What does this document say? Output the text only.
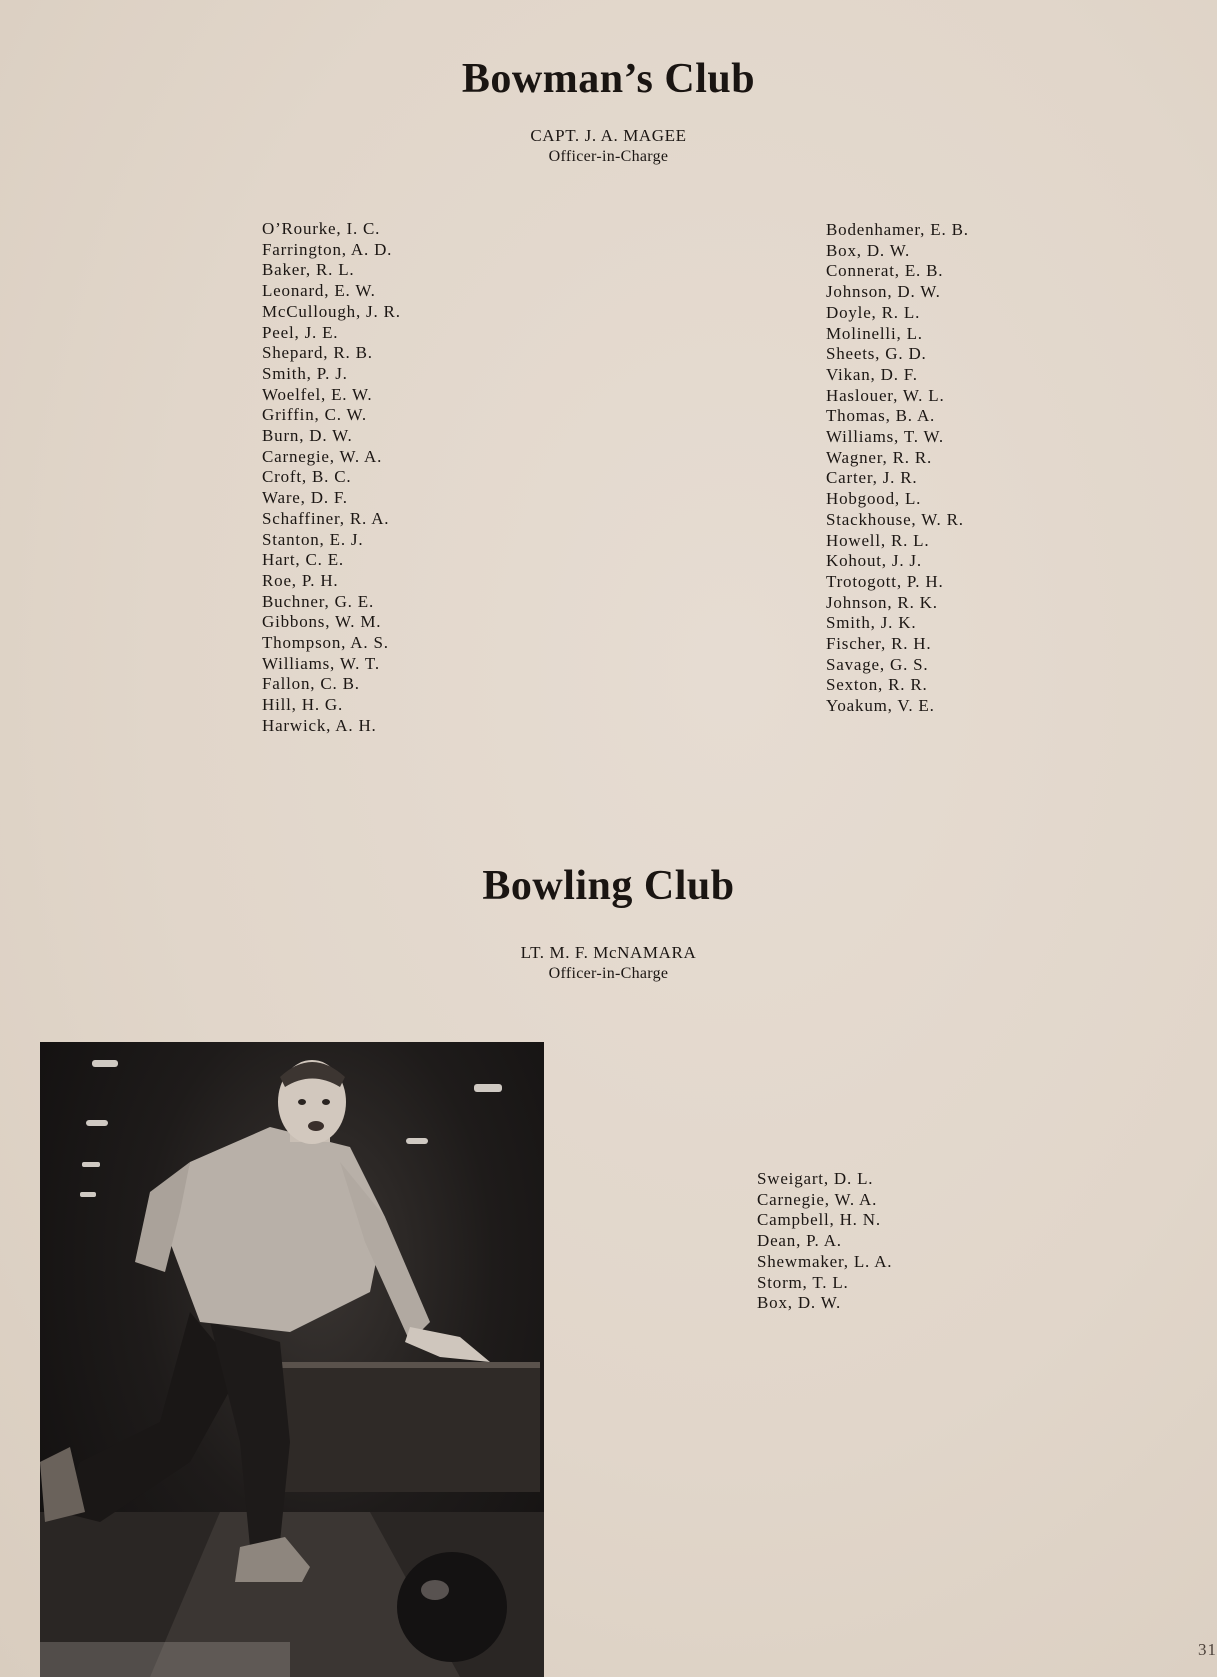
Bowman’s Club
CAPT. J. A. MAGEE
Officer-in-Charge
O’Rourke, I. C.
Farrington, A. D.
Baker, R. L.
Leonard, E. W.
McCullough, J. R.
Peel, J. E.
Shepard, R. B.
Smith, P. J.
Woelfel, E. W.
Griffin, C. W.
Burn, D. W.
Carnegie, W. A.
Croft, B. C.
Ware, D. F.
Schaffiner, R. A.
Stanton, E. J.
Hart, C. E.
Roe, P. H.
Buchner, G. E.
Gibbons, W. M.
Thompson, A. S.
Williams, W. T.
Fallon, C. B.
Hill, H. G.
Harwick, A. H.
Bodenhamer, E. B.
Box, D. W.
Connerat, E. B.
Johnson, D. W.
Doyle, R. L.
Molinelli, L.
Sheets, G. D.
Vikan, D. F.
Haslouer, W. L.
Thomas, B. A.
Williams, T. W.
Wagner, R. R.
Carter, J. R.
Hobgood, L.
Stackhouse, W. R.
Howell, R. L.
Kohout, J. J.
Trotogott, P. H.
Johnson, R. K.
Smith, J. K.
Fischer, R. H.
Savage, G. S.
Sexton, R. R.
Yoakum, V. E.
Bowling Club
LT. M. F. McNAMARA
Officer-in-Charge
Sweigart, D. L.
Carnegie, W. A.
Campbell, H. N.
Dean, P. A.
Shewmaker, L. A.
Storm, T. L.
Box, D. W.
31
